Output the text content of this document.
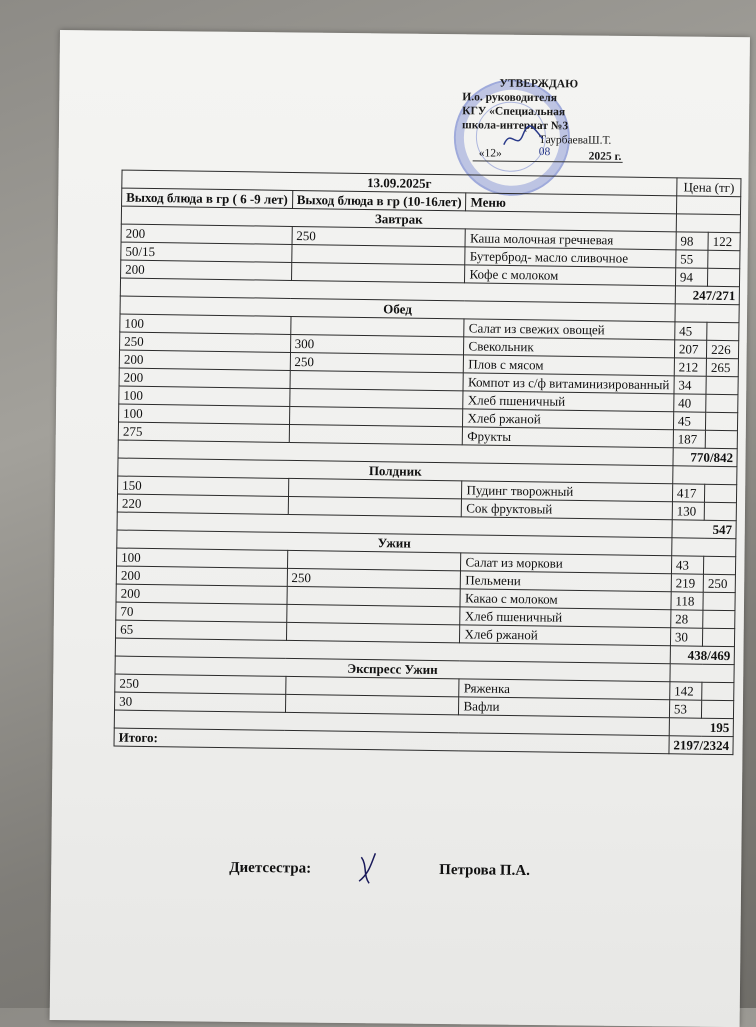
УТВЕРЖДАЮ
И.о. руководителя
КГУ «Специальная
школа-интернат №3
ТаурбаеваШ.Т.
«12»	08	2025 г.
13.09.2025г			Цена (тг)	
Выход блюда в гр ( 6 -9 лет)	Выход блюда в гр (10-16лет)	Меню		
Завтрак				
200	250	Каша молочная гречневая	98	122
50/15		Бутерброд- масло сливочное	55	
200		Кофе с молоком	94	
			247/271	
Обед				
100		Салат из свежих овощей	45	
250	300	Свекольник	207	226
200	250	Плов с мясом	212	265
200		Компот из с/ф витаминизированный	34	
100		Хлеб пшеничный	40	
100		Хлеб ржаной	45	
275		Фрукты	187	
			770/842	
Полдник				
150		Пудинг творожный	417	
220		Сок фруктовый	130	
			547	
Ужин				
100		Салат из моркови	43	
200	250	Пельмени	219	250
200		Какао с молоком	118	
70		Хлеб пшеничный	28	
65		Хлеб ржаной	30	
			438/469	
Экспресс Ужин				
250		Ряженка	142	
30		Вафли	53	
			195	
Итого:			2197/2324	
Диетсестра:	Петрова П.А.
